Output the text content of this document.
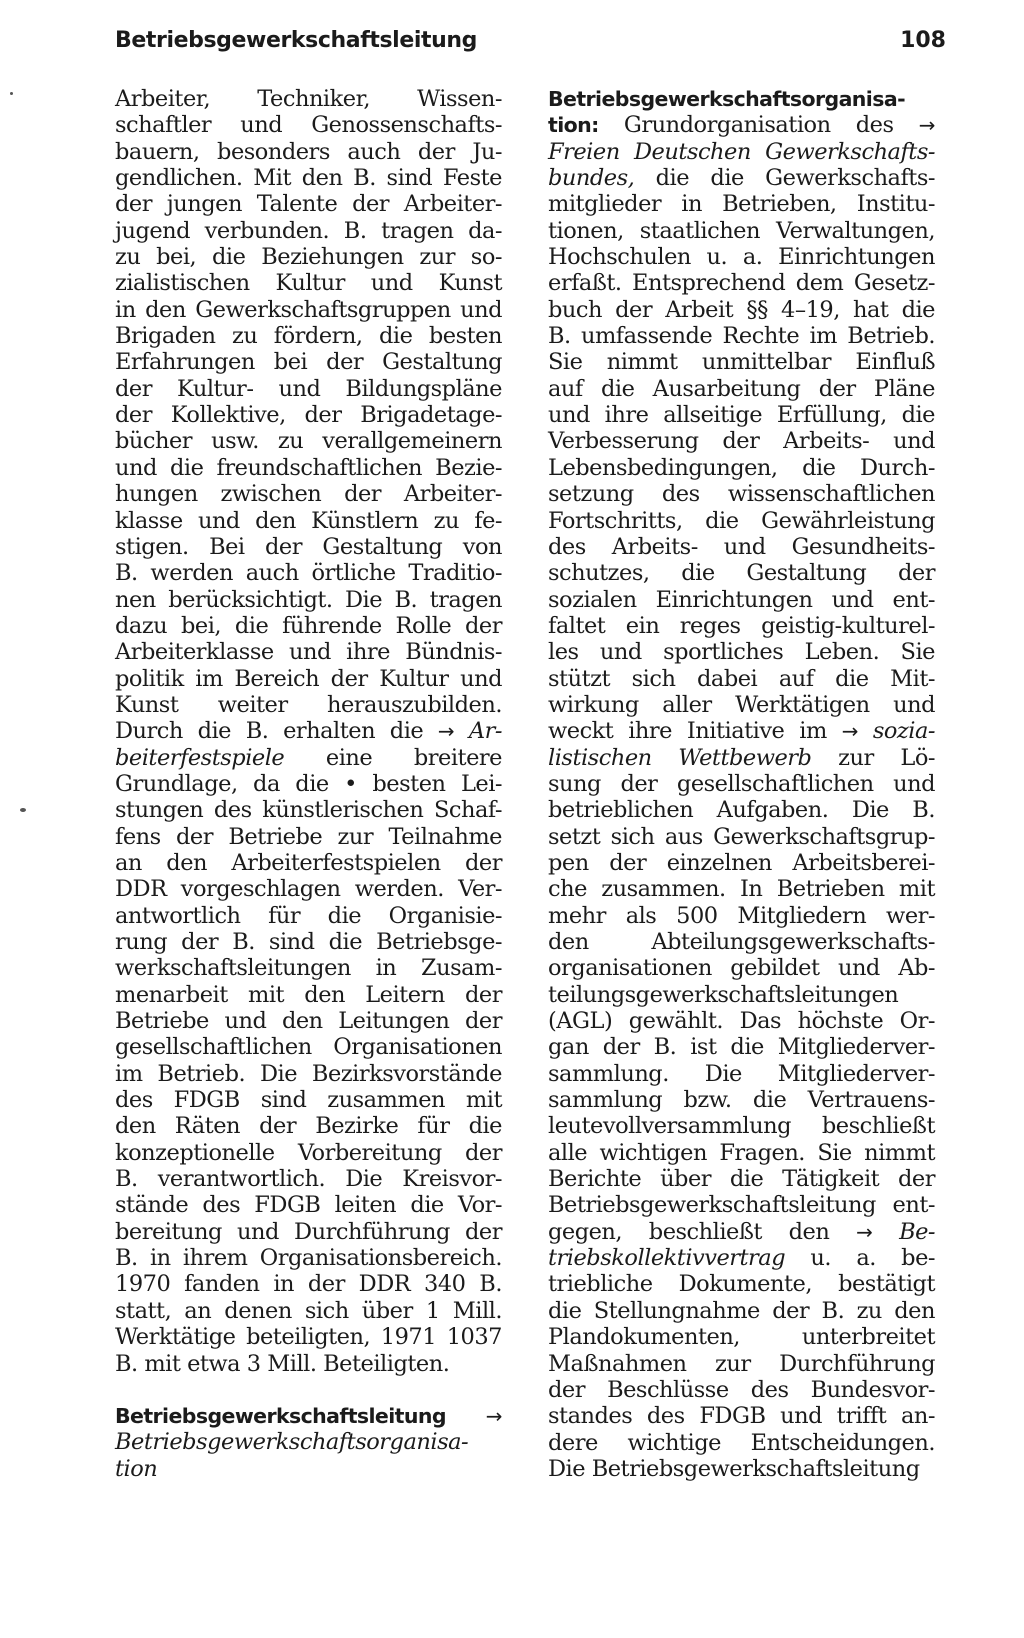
Betriebsgewerkschaftsleitung	108
Arbeiter, Techniker, Wissen-
schaftler und Genossenschafts-
bauern, besonders auch der Ju-
gendlichen. Mit den B. sind Feste
der jungen Talente der Arbeiter-
jugend verbunden. B. tragen da-
zu bei, die Beziehungen zur so-
zialistischen Kultur und Kunst
in den Gewerkschaftsgruppen und
Brigaden zu fördern, die besten
Erfahrungen bei der Gestaltung
der Kultur- und Bildungspläne
der Kollektive, der Brigadetage-
bücher usw. zu verallgemeinern
und die freundschaftlichen Bezie-
hungen zwischen der Arbeiter-
klasse und den Künstlern zu fe-
stigen. Bei der Gestaltung von
B. werden auch örtliche Traditio-
nen berücksichtigt. Die B. tragen
dazu bei, die führende Rolle der
Arbeiterklasse und ihre Bündnis-
politik im Bereich der Kultur und
Kunst weiter herauszubilden.
Durch die B. erhalten die → Ar-
beiterfestspiele eine breitere
Grundlage, da die • besten Lei-
stungen des künstlerischen Schaf-
fens der Betriebe zur Teilnahme
an den Arbeiterfestspielen der
DDR vorgeschlagen werden. Ver-
antwortlich für die Organisie-
rung der B. sind die Betriebsge-
werkschaftsleitungen in Zusam-
menarbeit mit den Leitern der
Betriebe und den Leitungen der
gesellschaftlichen Organisationen
im Betrieb. Die Bezirksvorstände
des FDGB sind zusammen mit
den Räten der Bezirke für die
konzeptionelle Vorbereitung der
B. verantwortlich. Die Kreisvor-
stände des FDGB leiten die Vor-
bereitung und Durchführung der
B. in ihrem Organisationsbereich.
1970 fanden in der DDR 340 B.
statt, an denen sich über 1 Mill.
Werktätige beteiligten, 1971 1037
B. mit etwa 3 Mill. Beteiligten.
Betriebsgewerkschaftsleitung →
Betriebsgewerkschaftsorganisa-
tion
Betriebsgewerkschaftsorganisa-
tion: Grundorganisation des →
Freien Deutschen Gewerkschafts-
bundes, die die Gewerkschafts-
mitglieder in Betrieben, Institu-
tionen, staatlichen Verwaltungen,
Hochschulen u. a. Einrichtungen
erfaßt. Entsprechend dem Gesetz-
buch der Arbeit §§ 4–19, hat die
B. umfassende Rechte im Betrieb.
Sie nimmt unmittelbar Einfluß
auf die Ausarbeitung der Pläne
und ihre allseitige Erfüllung, die
Verbesserung der Arbeits- und
Lebensbedingungen, die Durch-
setzung des wissenschaftlichen
Fortschritts, die Gewährleistung
des Arbeits- und Gesundheits-
schutzes, die Gestaltung der
sozialen Einrichtungen und ent-
faltet ein reges geistig-kulturel-
les und sportliches Leben. Sie
stützt sich dabei auf die Mit-
wirkung aller Werktätigen und
weckt ihre Initiative im → sozia-
listischen Wettbewerb zur Lö-
sung der gesellschaftlichen und
betrieblichen Aufgaben. Die B.
setzt sich aus Gewerkschaftsgrup-
pen der einzelnen Arbeitsberei-
che zusammen. In Betrieben mit
mehr als 500 Mitgliedern wer-
den Abteilungsgewerkschafts-
organisationen gebildet und Ab-
teilungsgewerkschaftsleitungen
(AGL) gewählt. Das höchste Or-
gan der B. ist die Mitgliederver-
sammlung. Die Mitgliederver-
sammlung bzw. die Vertrauens-
leutevollversammlung beschließt
alle wichtigen Fragen. Sie nimmt
Berichte über die Tätigkeit der
Betriebsgewerkschaftsleitung ent-
gegen, beschließt den → Be-
triebskollektivvertrag u. a. be-
triebliche Dokumente, bestätigt
die Stellungnahme der B. zu den
Plandokumenten, unterbreitet
Maßnahmen zur Durchführung
der Beschlüsse des Bundesvor-
standes des FDGB und trifft an-
dere wichtige Entscheidungen.
Die Betriebsgewerkschaftsleitung
